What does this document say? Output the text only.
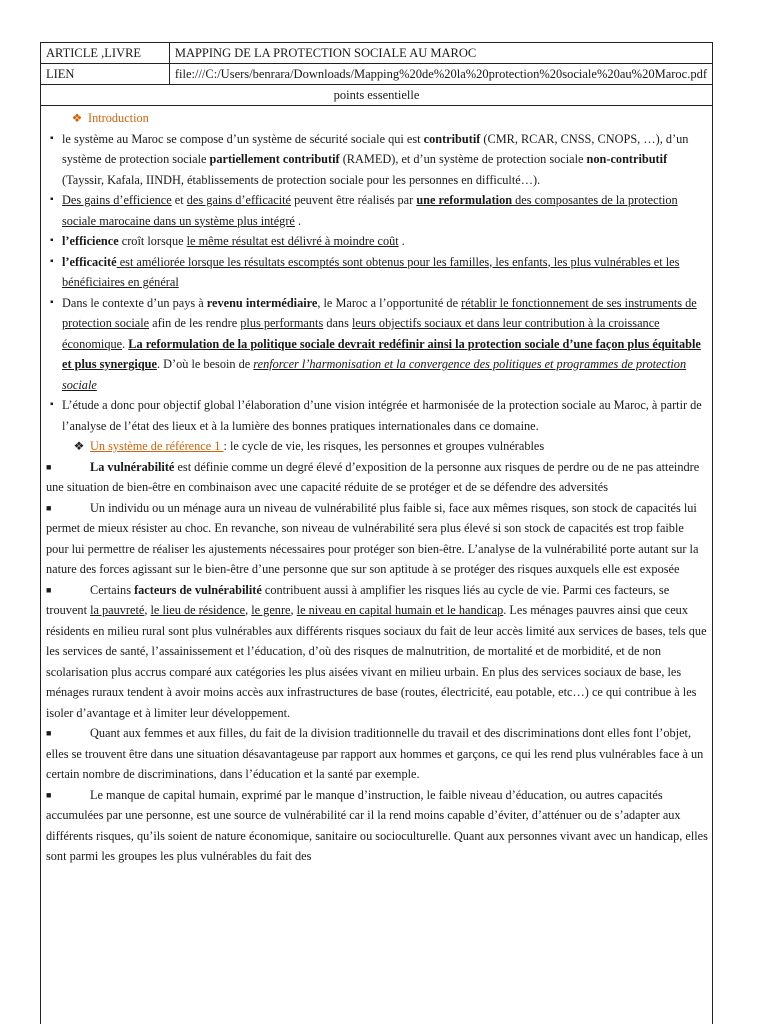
ARTICLE ,LIVRE	MAPPING DE LA PROTECTION SOCIALE AU MAROC
LIEN	file:///C:/Users/benrara/Downloads/Mapping%20de%20la%20protection%20sociale%20au%20Maroc.pdf
points essentielle	

❖ Introduction

▪ le système au Maroc se compose d’un système de sécurité sociale qui est contributif (CMR, RCAR, CNSS, CNOPS, …), d’un système de protection sociale partiellement contributif (RAMED), et d’un système de protection sociale non-contributif (Tayssir, Kafala, IINDH, établissements de protection sociale pour les personnes en difficulté…).

▪ Des gains d’efficience et des gains d’efficacité peuvent être réalisés par une reformulation des composantes de la protection sociale marocaine dans un système plus intégré .

▪ l’efficience croît lorsque le même résultat est délivré à moindre coût .

▪ l’efficacité est améliorée lorsque les résultats escomptés sont obtenus pour les familles, les enfants, les plus vulnérables et les bénéficiaires en général

▪ Dans le contexte d’un pays à revenu intermédiaire, le Maroc a l’opportunité de rétablir le fonctionnement de ses instruments de protection sociale afin de les rendre plus performants dans leurs objectifs sociaux et dans leur contribution à la croissance économique. La reformulation de la politique sociale devrait redéfinir ainsi la protection sociale d’une façon plus équitable et plus synergique. D’où le besoin de renforcer l’harmonisation et la convergence des politiques et programmes de protection sociale

▪ L’étude a donc pour objectif global l’élaboration d’une vision intégrée et harmonisée de la protection sociale au Maroc, à partir de l’analyse de l’état des lieux et à la lumière des bonnes pratiques internationales dans ce domaine.

❖ Un système de référence 1 : le cycle de vie, les risques, les personnes et groupes vulnérables

■	La vulnérabilité est définie comme un degré élevé d’exposition de la personne aux risques de perdre ou de ne pas atteindre une situation de bien-être en combinaison avec une capacité réduite de se protéger et de se défendre des adversités

■	Un individu ou un ménage aura un niveau de vulnérabilité plus faible si, face aux mêmes risques, son stock de capacités lui permet de mieux résister au choc. En revanche, son niveau de vulnérabilité sera plus élevé si son stock de capacités est trop faible pour lui permettre de réaliser les ajustements nécessaires pour protéger son bien-être. L’analyse de la vulnérabilité porte autant sur la nature des forces agissant sur le bien-être d’une personne que sur son aptitude à se protéger des risques auxquels elle est exposée

■	Certains facteurs de vulnérabilité contribuent aussi à amplifier les risques liés au cycle de vie. Parmi ces facteurs, se trouvent la pauvreté, le lieu de résidence, le genre, le niveau en capital humain et le handicap. Les ménages pauvres ainsi que ceux résidents en milieu rural sont plus vulnérables aux différents risques sociaux du fait de leur accès limité aux services de bases, tels que les services de santé, l’assainissement et l’éducation, d’où des risques de malnutrition, de mortalité et de morbidité, et de non scolarisation plus accrus comparé aux catégories les plus aisées vivant en milieu urbain. En plus des services sociaux de base, les ménages ruraux tendent à avoir moins accès aux infrastructures de base (routes, électricité, eau potable, etc…) ce qui contribue à les isoler d’avantage et à limiter leur développement.

■	Quant aux femmes et aux filles, du fait de la division traditionnelle du travail et des discriminations dont elles font l’objet, elles se trouvent être dans une situation désavantageuse par rapport aux hommes et garçons, ce qui les rend plus vulnérables face à un certain nombre de discriminations, dans l’éducation et la santé par exemple.

■	Le manque de capital humain, exprimé par le manque d’instruction, le faible niveau d’éducation, ou autres capacités accumulées par une personne, est une source de vulnérabilité car il la rend moins capable d’éviter, d’atténuer ou de s’adapter aux différents risques, qu’ils soient de nature économique, sanitaire ou socioculturelle. Quant aux personnes vivant avec un handicap, elles sont parmi les groupes les plus vulnérables du fait des
